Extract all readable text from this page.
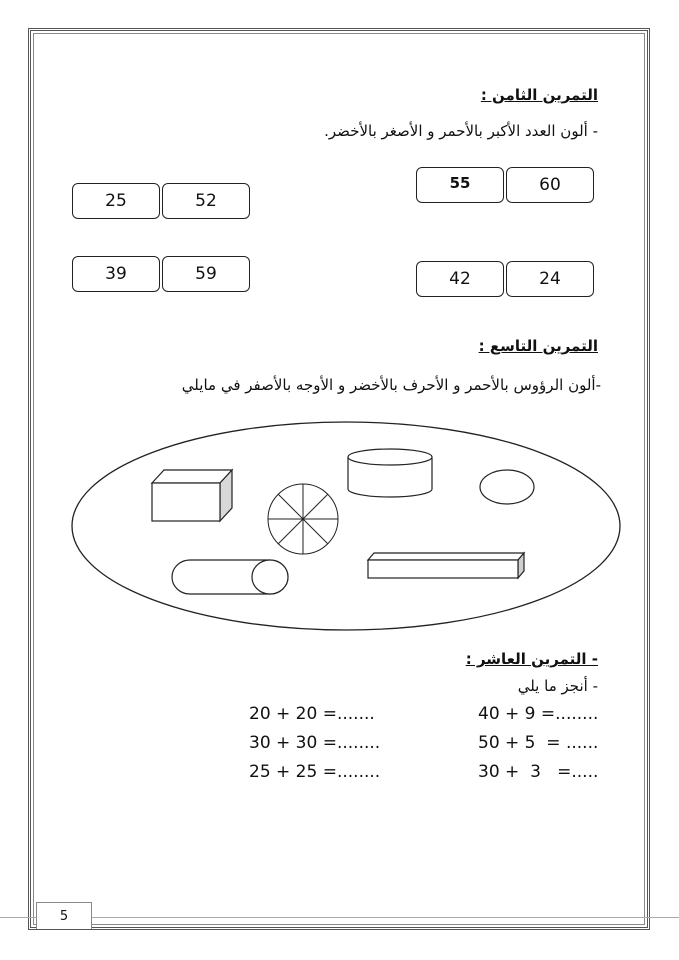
التمرين الثامن :
- ألون العدد الأكبر بالأحمر و الأصغر بالأخضر.
25	52
55	60
39	59	42	24
التمرين التاسع :
-ألون الرؤوس بالأحمر و الأحرف بالأخضر و الأوجه بالأصفر في مايلي
- التمرين العاشر :
- أنجز ما يلي
20 + 20 =.......
30 + 30 =........
25 + 25 =........
40 + 9 =........
50 + 5  = ......
30 +  3   =.....
5
